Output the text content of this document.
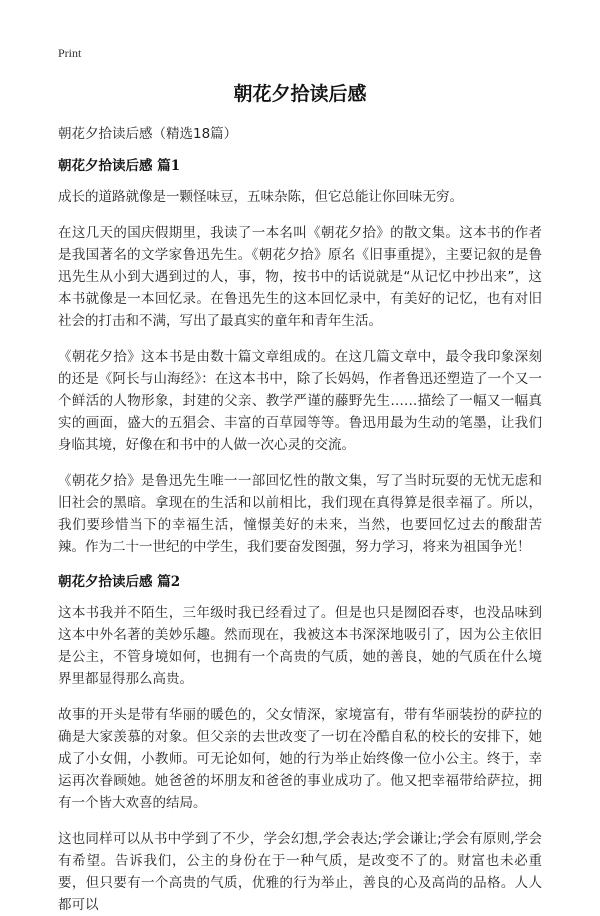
Print
朝花夕拾读后感
朝花夕拾读后感（精选18篇）
朝花夕拾读后感 篇1

成长的道路就像是一颗怪味豆，五味杂陈，但它总能让你回味无穷。

在这几天的国庆假期里，我读了一本名叫《朝花夕拾》的散文集。这本书的作者是我国著名的文学家鲁迅先生。《朝花夕拾》原名《旧事重提》，主要记叙的是鲁迅先生从小到大遇到过的人，事，物，按书中的话说就是“从记忆中抄出来”，这本书就像是一本回忆录。在鲁迅先生的这本回忆录中，有美好的记忆，也有对旧社会的打击和不满，写出了最真实的童年和青年生活。

《朝花夕拾》这本书是由数十篇文章组成的。在这几篇文章中，最令我印象深刻的还是《阿长与山海经》：在这本书中，除了长妈妈，作者鲁迅还塑造了一个又一个鲜活的人物形象，封建的父亲、教学严谨的藤野先生……描绘了一幅又一幅真实的画面，盛大的五猖会、丰富的百草园等等。鲁迅用最为生动的笔墨，让我们身临其境，好像在和书中的人做一次心灵的交流。

《朝花夕拾》是鲁迅先生唯一一部回忆性的散文集，写了当时玩耍的无忧无虑和旧社会的黑暗。拿现在的生活和以前相比，我们现在真得算是很幸福了。所以，我们要珍惜当下的幸福生活，憧憬美好的未来，当然，也要回忆过去的酸甜苦辣。作为二十一世纪的中学生，我们要奋发图强，努力学习，将来为祖国争光！

朝花夕拾读后感 篇2

这本书我并不陌生，三年级时我已经看过了。但是也只是囫囵吞枣，也没品味到这本中外名著的美妙乐趣。然而现在，我被这本书深深地吸引了，因为公主依旧是公主，不管身境如何，也拥有一个高贵的气质，她的善良，她的气质在什么境界里都显得那么高贵。

故事的开头是带有华丽的暖色的，父女情深，家境富有，带有华丽装扮的萨拉的确是大家羡慕的对象。但父亲的去世改变了一切在冷酷自私的校长的安排下，她成了小女佣，小教师。可无论如何，她的行为举止始终像一位小公主。终于，幸运再次眷顾她。她爸爸的坏朋友和爸爸的事业成功了。他又把幸福带给萨拉，拥有一个皆大欢喜的结局。

这也同样可以从书中学到了不少，学会幻想,学会表达;学会谦让;学会有原则,学会有希望。告诉我们，公主的身份在于一种气质，是改变不了的。财富也未必重要，但只要有一个高贵的气质，优雅的行为举止，善良的心及高尚的品格。人人都可以
